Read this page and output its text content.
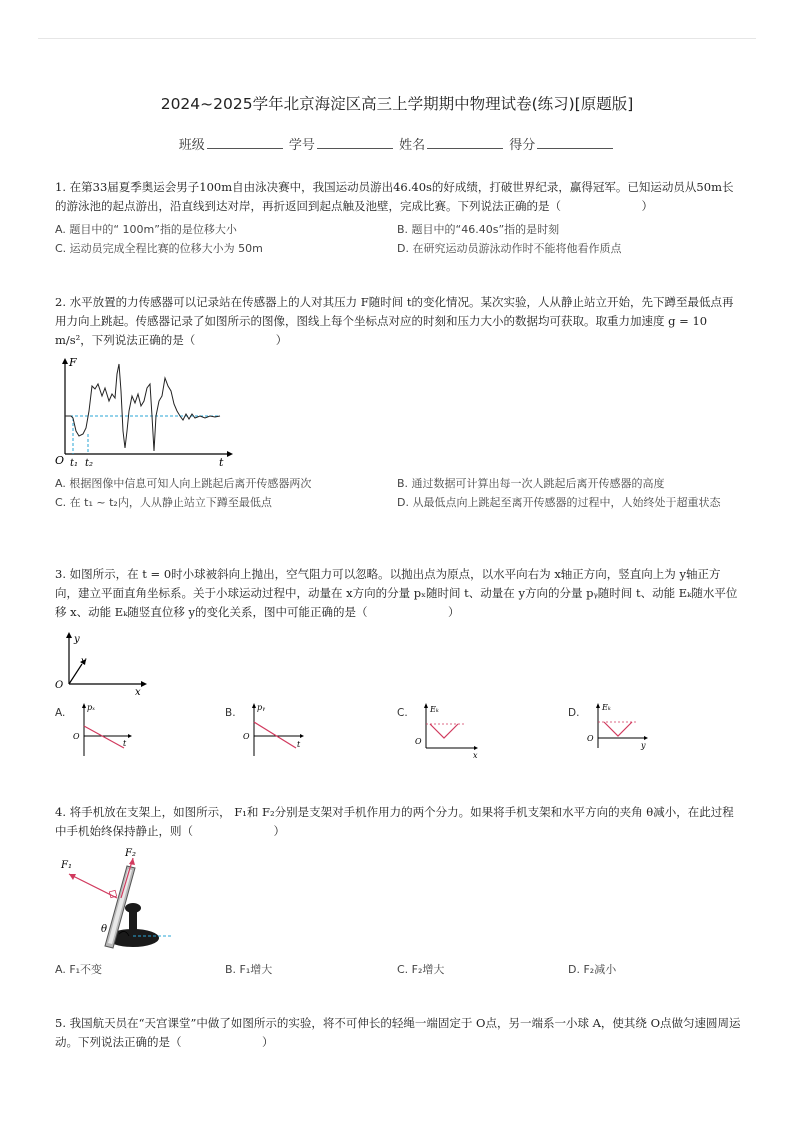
2024~2025学年北京海淀区高三上学期期中物理试卷(练习)[原题版]
班级	学号	姓名	得分
1. 在第33届夏季奥运会男子100m自由泳决赛中，我国运动员游出46.40s的好成绩，打破世界纪录，赢得冠军。已知运动员从50m长的游泳池的起点游出，沿直线到达对岸，再折返回到起点触及池壁，完成比赛。下列说法正确的是（　　　　　　　）
A. 题目中的“ 100m”指的是位移大小	B. 题目中的“46.40s”指的是时刻
C. 运动员完成全程比赛的位移大小为 50m	D. 在研究运动员游泳动作时不能将他看作质点
2. 水平放置的力传感器可以记录站在传感器上的人对其压力 F随时间 t的变化情况。某次实验，人从静止站立开始，先下蹲至最低点再用力向上跳起。传感器记录了如图所示的图像，图线上每个坐标点对应的时刻和压力大小的数据均可获取。取重力加速度 g = 10 m/s²，下列说法正确的是（　　　　　　　）
F
t
O t₁ t₂
A. 根据图像中信息可知人向上跳起后离开传感器两次	B. 通过数据可计算出每一次人跳起后离开传感器的高度
C. 在 t₁ ~ t₂内，人从静止站立下蹲至最低点	D. 从最低点向上跳起至离开传感器的过程中，人始终处于超重状态
3. 如图所示，在 t = 0时小球被斜向上抛出，空气阻力可以忽略。以抛出点为原点，以水平向右为 x轴正方向，竖直向上为 y轴正方向，建立平面直角坐标系。关于小球运动过程中，动量在 x方向的分量 pₓ随时间 t、动量在 y方向的分量 pᵧ随时间 t、动能 Eₖ随水平位移 x、动能 Eₖ随竖直位移 y的变化关系，图中可能正确的是（　　　　　　　）
v
y
x
O
A.	pₓ
t
O
B.	pᵧ
t
O
C.	Eₖ
x
O
D.	Eₖ
y
O
4. 将手机放在支架上，如图所示， F₁和 F₂分别是支架对手机作用力的两个分力。如果将手机支架和水平方向的夹角 θ减小，在此过程中手机始终保持静止，则（　　　　　　　）
θ
F₁
F₂
A. F₁不变	B. F₁增大	C. F₂增大	D. F₂减小
5. 我国航天员在“天宫课堂”中做了如图所示的实验，将不可伸长的轻绳一端固定于 O点，另一端系一小球 A，使其绕 O点做匀速圆周运动。下列说法正确的是（　　　　　　　）
